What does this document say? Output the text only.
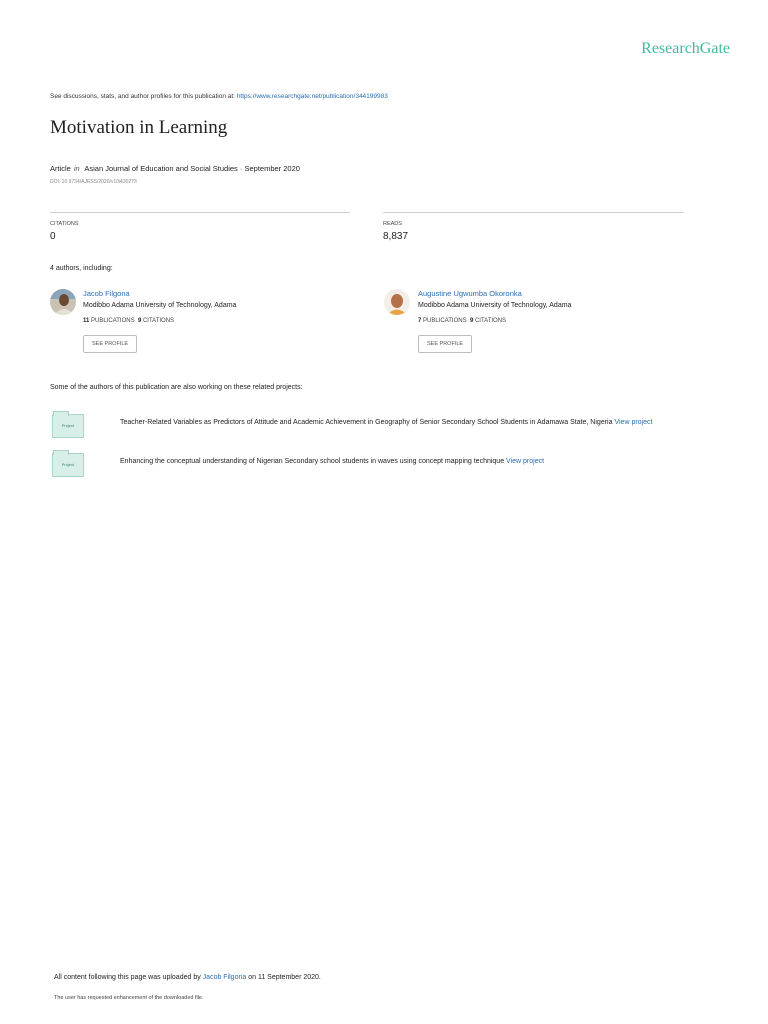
ResearchGate
See discussions, stats, and author profiles for this publication at: https://www.researchgate.net/publication/344199983
Motivation in Learning
Article in Asian Journal of Education and Social Studies · September 2020
DOI: 10.9734/AJESS/2020/v10i430273
CITATIONS
0
READS
8,837
4 authors, including:
Jacob Filgona
Modibbo Adama University of Technology, Adama
11 PUBLICATIONS 9 CITATIONS
SEE PROFILE
Augustine Ugwumba Okoronka
Modibbo Adama University of Technology, Adama
7 PUBLICATIONS 9 CITATIONS
SEE PROFILE
Some of the authors of this publication are also working on these related projects:
Project	Teacher-Related Variables as Predictors of Attitude and Academic Achievement in Geography of Senior Secondary School Students in Adamawa State, Nigeria View project
Project	Enhancing the conceptual understanding of Nigerian Secondary school students in waves using concept mapping technique View project
All content following this page was uploaded by Jacob Filgona on 11 September 2020.
The user has requested enhancement of the downloaded file.
